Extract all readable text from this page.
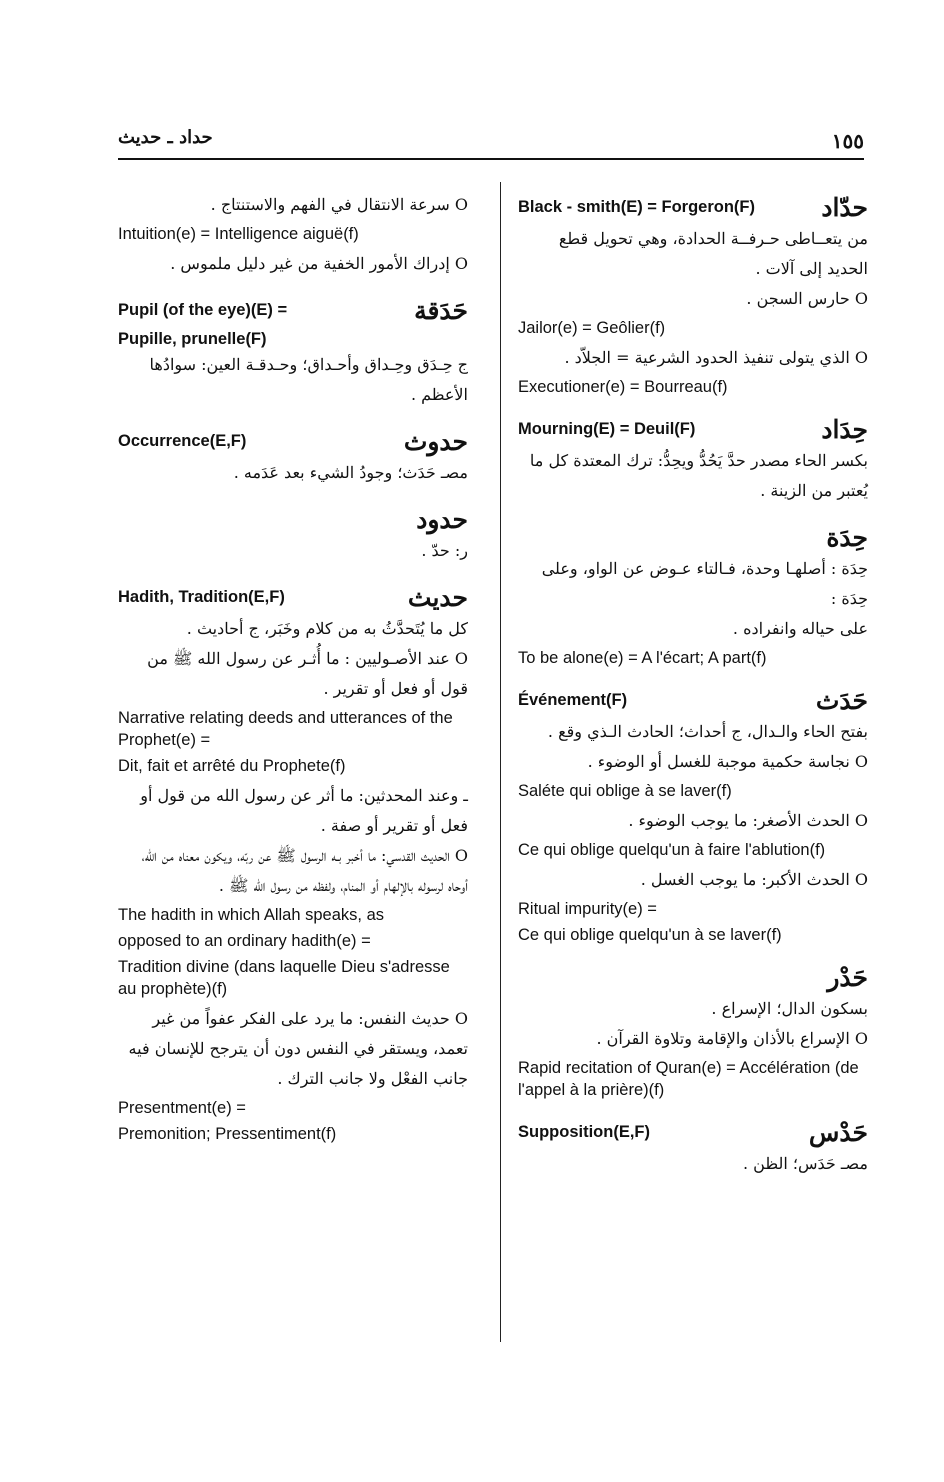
حداد ـ حديث	١٥٥
Black - smith(E) = Forgeron(F)	حدّاد
من يتعــاطى حـرفــة الحدادة، وهي تحويل قطع الحديد إلى آلات .
O حارس السجن .
Jailor(e) = Geôlier(f)
O الذي يتولى تنفيذ الحدود الشرعية = الجلاّد .
Executioner(e) = Bourreau(f)
Mourning(E) = Deuil(F)	حِدَاد
بكسر الحاء مصدر حدَّ يَحُدُّ ويحِدُّ: ترك المعتدة كل ما يُعتبر من الزينة .
حِدَة
حِدَة : أصلهـا وحدة، فـالتاء عـوض عن الواو، وعلى حِدَة :
على حياله وانفراده .
To be alone(e) = A l'écart; A part(f)
Événement(F)	حَدَث
بفتح الحاء والـدال، ج أحداث؛ الحادث الـذي وقع .
O نجاسة حكمية موجبة للغسل أو الوضوء .
Saléte qui oblige à se laver(f)
O الحدث الأصغر: ما يوجب الوضوء .
Ce qui oblige quelqu'un à faire l'ablution(f)
O الحدث الأكبر: ما يوجب الغسل .
Ritual impurity(e) =
Ce qui oblige quelqu'un à se laver(f)
حَدْر
بسكون الدال؛ الإسراع .
O الإسراع بالأذان والإقامة وتلاوة القرآن .
Rapid recitation of Quran(e) = Accélération (de l'appel à la prière)(f)
Supposition(E,F)	حَدْس
مصـ حَدَس؛ الظن .
O سرعة الانتقال في الفهم والاستنتاج .
Intuition(e) = Intelligence aiguë(f)
O إدراك الأمور الخفية من غير دليل ملموس .
Pupil (of the eye)(E) =	حَدَقة
Pupille, prunelle(F)
ج حِـدَق وحِـداق وأحـداق؛ وحـدقـة العين: سوادُها الأعظم .
Occurrence(E,F)	حدوث
مصـ حَدَث؛ وجودُ الشيء بعد عَدَمه .
حدود
ر: حدّ .
Hadith, Tradition(E,F)	حديث
كل ما يُتَحدَّثُ به من كلام وخَبَر، ج أحاديث .
O عند الأصـوليين : ما أُثـر عن رسول الله ﷺ من قول أو فعل أو تقرير .
Narrative relating deeds and utterances of the Prophet(e) =
Dit, fait et arrêté du Prophete(f)
ـ وعند المحدثين: ما أثر عن رسول الله من قول أو فعل أو تقرير أو صفة .
O الحديث القدسي: ما أخبر بـه الرسول ﷺ عن ربّه، ويكون معناه من الله، أوحاه لرسوله بالإلهام أو المنام، ولفظه من رسول الله ﷺ .
The hadith in which Allah speaks, as
opposed to an ordinary hadith(e) =
Tradition divine (dans laquelle Dieu s'adresse au prophète)(f)
O حديث النفس: ما يرد على الفكر عفواً من غير تعمد، ويستقر في النفس دون أن يترجح للإنسان فيه جانب الفعْل ولا جانب الترك .
Presentment(e) =
Premonition; Pressentiment(f)
